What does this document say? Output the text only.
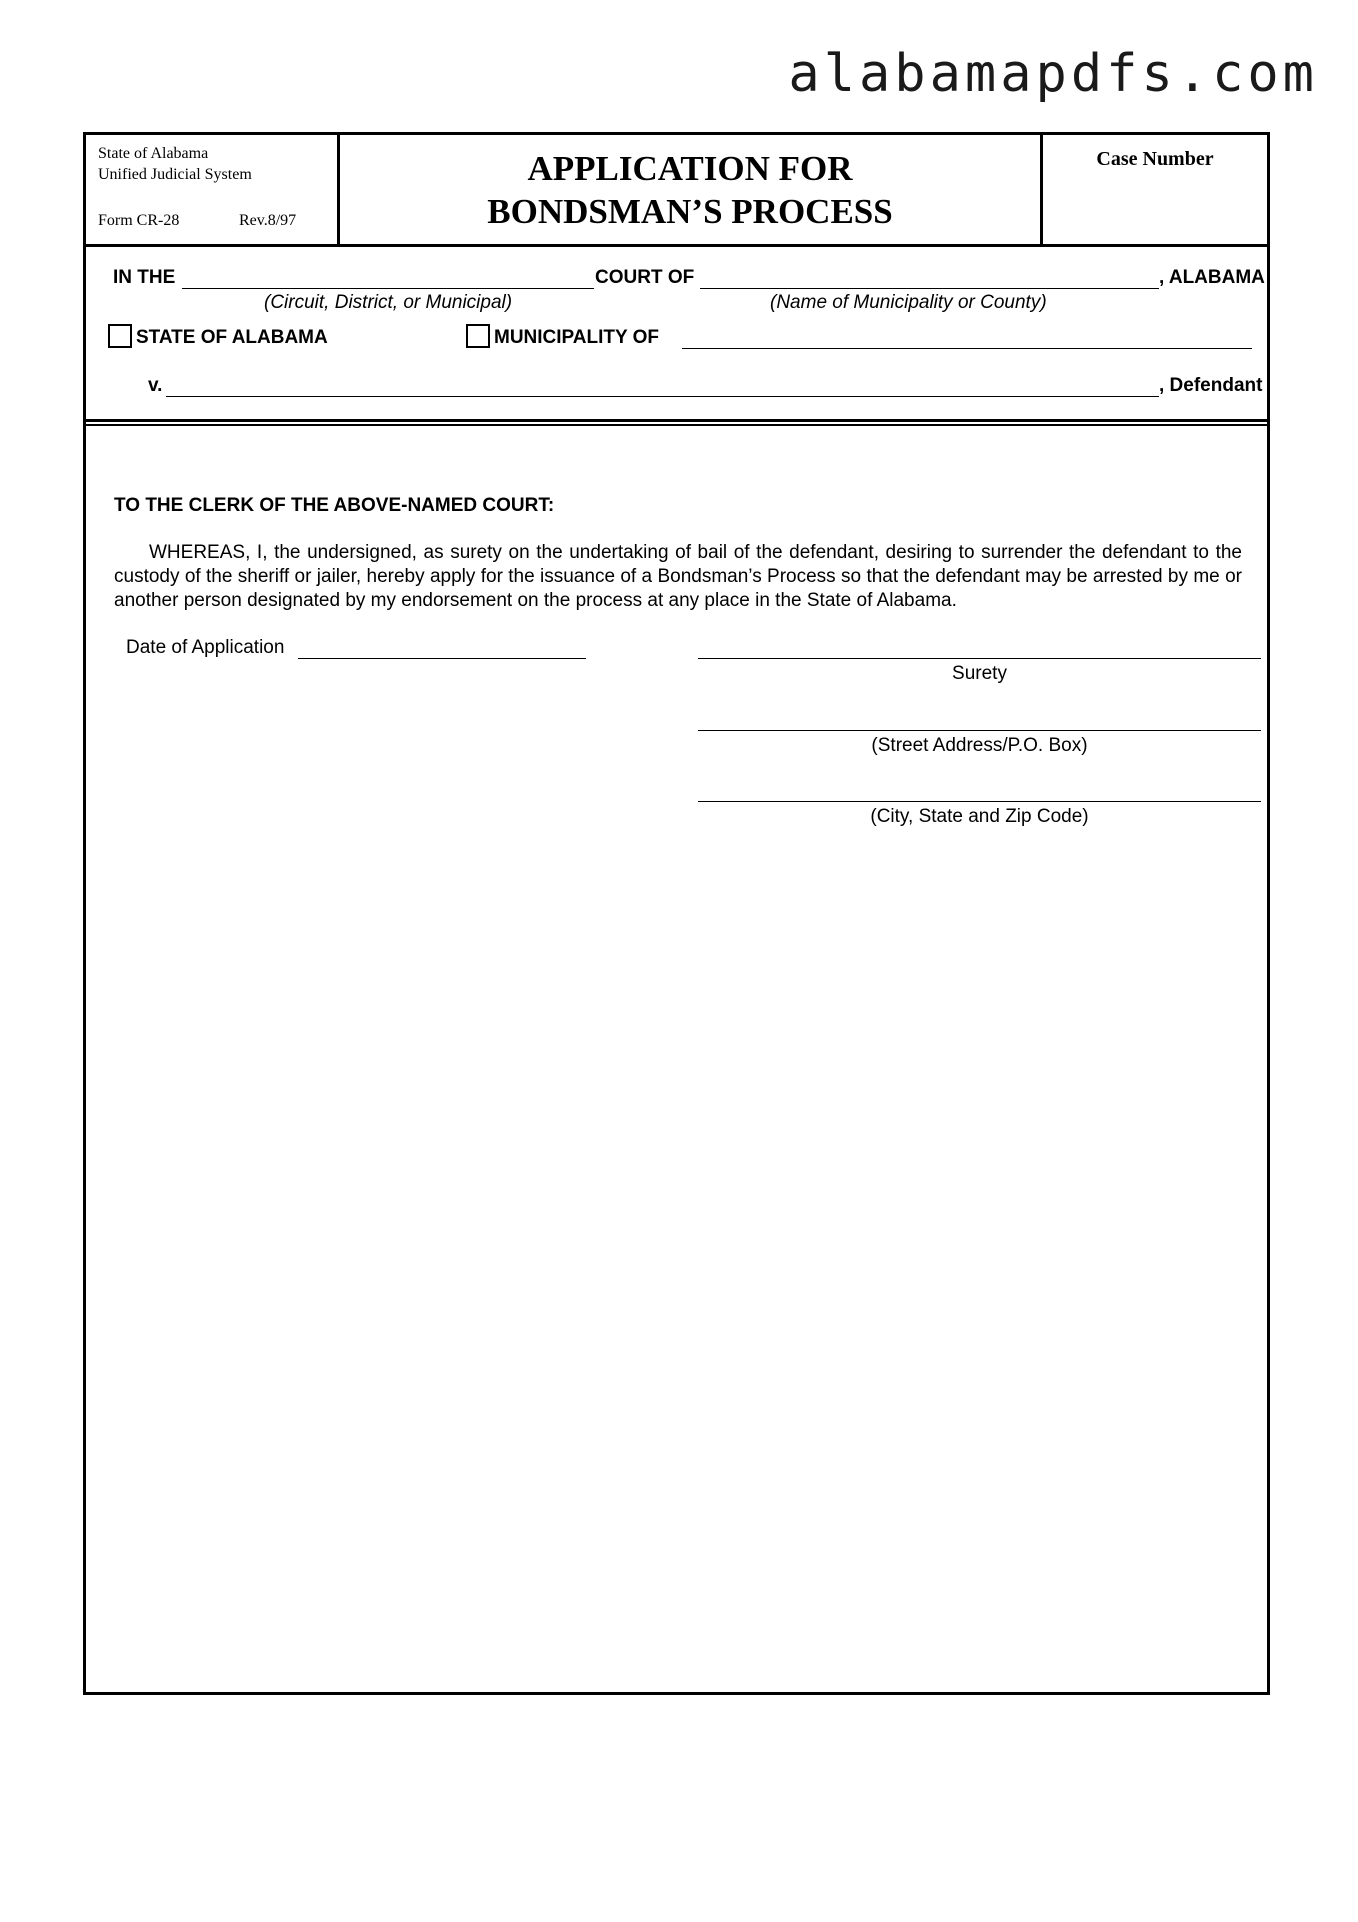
alabamapdfs.com
State of Alabama
Unified Judicial System
Form CR-28	Rev.8/97
APPLICATION FOR
BONDSMAN’S PROCESS
Case Number
IN THE	COURT OF	, ALABAMA
(Circuit, District, or Municipal)	(Name of Municipality or County)
STATE OF ALABAMA	MUNICIPALITY OF
v.	, Defendant
TO THE CLERK OF THE ABOVE-NAMED COURT:
WHEREAS, I, the undersigned, as surety on the undertaking of bail of the defendant, desiring to surrender the defendant to the custody of the sheriff or jailer, hereby apply for the issuance of a Bondsman’s Process so that the defendant may be arrested by me or another person designated by my endorsement on the process at any place in the State of Alabama.
Date of Application
Surety
(Street Address/P.O. Box)
(City, State and Zip Code)
